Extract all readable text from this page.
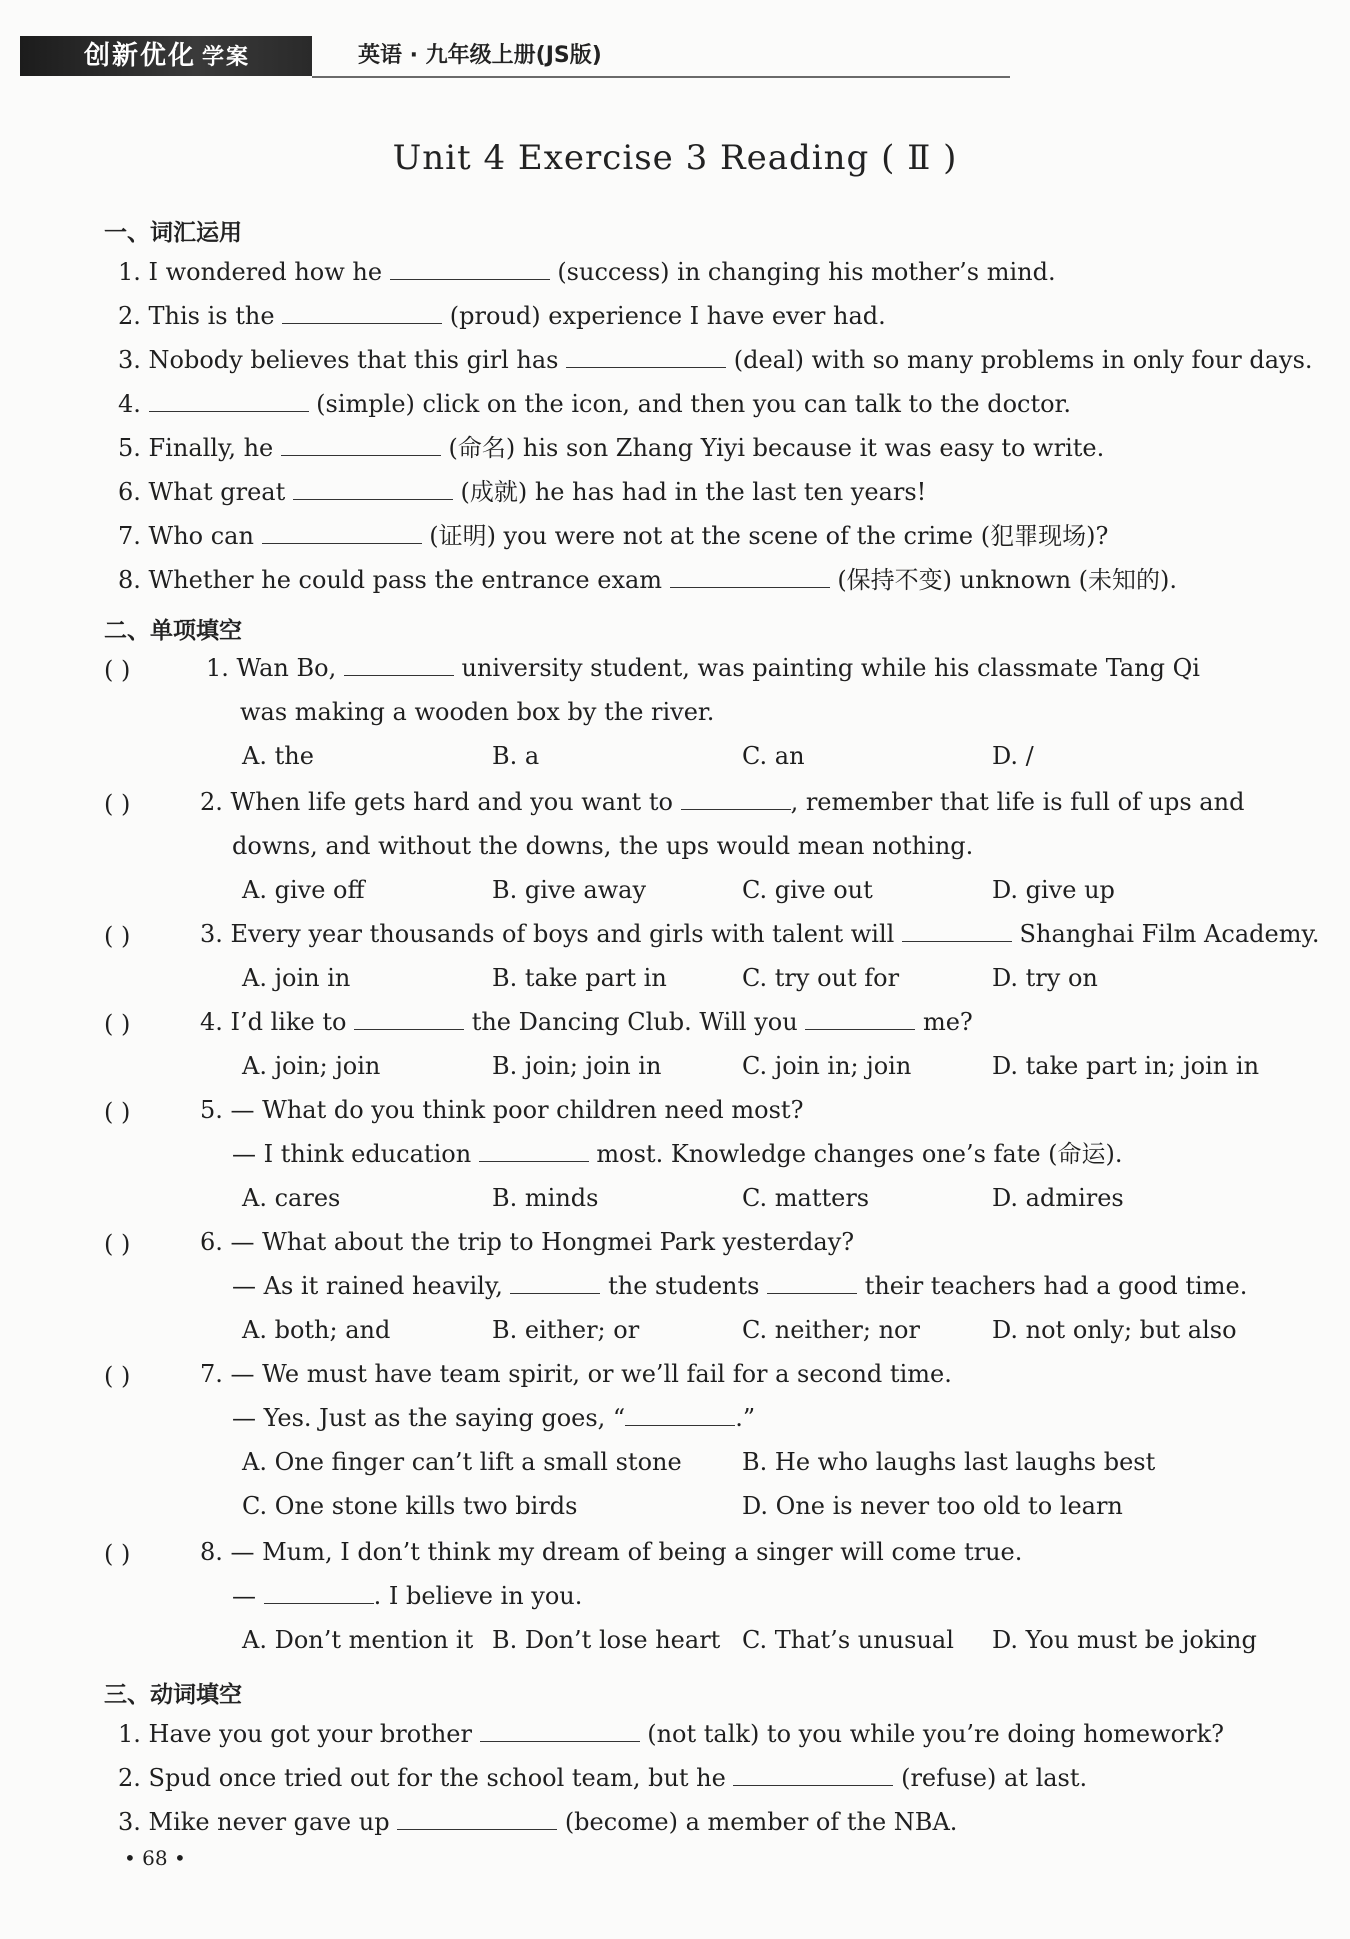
创新优化 学案	英语 · 九年级上册(JS版)
Unit 4 Exercise 3 Reading ( Ⅱ )
一、词汇运用
1. I wondered how he	(success) in changing his mother’s mind.
2. This is the	(proud) experience I have ever had.
3. Nobody believes that this girl has	(deal) with so many problems in only four days.
4.	(simple) click on the icon, and then you can talk to the doctor.
5. Finally, he	(命名) his son Zhang Yiyi because it was easy to write.
6. What great	(成就) he has had in the last ten years!
7. Who can	(证明) you were not at the scene of the crime (犯罪现场)?
8. Whether he could pass the entrance exam	(保持不变) unknown (未知的).
二、单项填空
( )	1. Wan Bo,	university student, was painting while his classmate Tang Qi
was making a wooden box by the river.
A. the	B. a	C. an	D. /
( )	2. When life gets hard and you want to	, remember that life is full of ups and
downs, and without the downs, the ups would mean nothing.
A. give off	B. give away	C. give out	D. give up
( )	3. Every year thousands of boys and girls with talent will	Shanghai Film Academy.
A. join in	B. take part in	C. try out for	D. try on
( )	4. I’d like to	the Dancing Club. Will you	me?
A. join; join	B. join; join in	C. join in; join	D. take part in; join in
( )	5. — What do you think poor children need most?
— I think education	most. Knowledge changes one’s fate (命运).
A. cares	B. minds	C. matters	D. admires
( )	6. — What about the trip to Hongmei Park yesterday?
— As it rained heavily,	the students	their teachers had a good time.
A. both; and	B. either; or	C. neither; nor	D. not only; but also
( )	7. — We must have team spirit, or we’ll fail for a second time.
— Yes. Just as the saying goes, “	.”
A. One finger can’t lift a small stone	B. He who laughs last laughs best
C. One stone kills two birds	D. One is never too old to learn
( )	8. — Mum, I don’t think my dream of being a singer will come true.
—	. I believe in you.
A. Don’t mention it B. Don’t lose heart C. That’s unusual D. You must be joking
三、动词填空
1. Have you got your brother	(not talk) to you while you’re doing homework?
2. Spud once tried out for the school team, but he	(refuse) at last.
3. Mike never gave up	(become) a member of the NBA.
• 68 •
